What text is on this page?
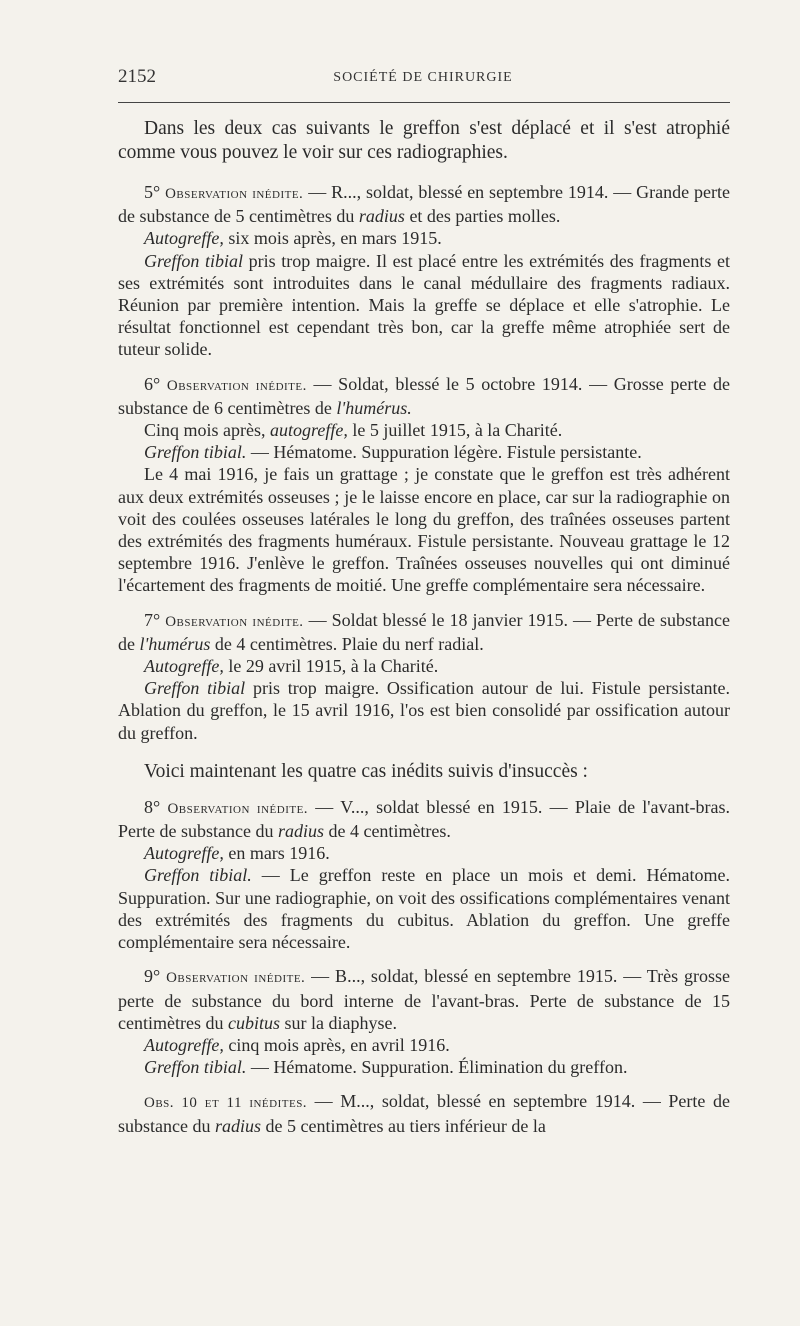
2152	SOCIÉTÉ DE CHIRURGIE

Dans les deux cas suivants le greffon s'est déplacé et il s'est atrophié comme vous pouvez le voir sur ces radiographies.

5° Observation inédite. — R..., soldat, blessé en septembre 1914. — Grande perte de substance de 5 centimètres du radius et des parties molles.

Autogreffe, six mois après, en mars 1915.

Greffon tibial pris trop maigre. Il est placé entre les extrémités des fragments et ses extrémités sont introduites dans le canal médullaire des fragments radiaux. Réunion par première intention. Mais la greffe se déplace et elle s'atrophie. Le résultat fonctionnel est cependant très bon, car la greffe même atrophiée sert de tuteur solide.

6° Observation inédite. — Soldat, blessé le 5 octobre 1914. — Grosse perte de substance de 6 centimètres de l'humérus.

Cinq mois après, autogreffe, le 5 juillet 1915, à la Charité.

Greffon tibial. — Hématome. Suppuration légère. Fistule persistante.

Le 4 mai 1916, je fais un grattage ; je constate que le greffon est très adhérent aux deux extrémités osseuses ; je le laisse encore en place, car sur la radiographie on voit des coulées osseuses latérales le long du greffon, des traînées osseuses partent des extrémités des fragments huméraux. Fistule persistante. Nouveau grattage le 12 septembre 1916. J'enlève le greffon. Traînées osseuses nouvelles qui ont diminué l'écartement des fragments de moitié. Une greffe complémentaire sera nécessaire.

7° Observation inédite. — Soldat blessé le 18 janvier 1915. — Perte de substance de l'humérus de 4 centimètres. Plaie du nerf radial.

Autogreffe, le 29 avril 1915, à la Charité.

Greffon tibial pris trop maigre. Ossification autour de lui. Fistule persistante. Ablation du greffon, le 15 avril 1916, l'os est bien consolidé par ossification autour du greffon.

Voici maintenant les quatre cas inédits suivis d'insuccès :

8° Observation inédite. — V..., soldat blessé en 1915. — Plaie de l'avant-bras. Perte de substance du radius de 4 centimètres.

Autogreffe, en mars 1916.

Greffon tibial. — Le greffon reste en place un mois et demi. Hématome. Suppuration. Sur une radiographie, on voit des ossifications complémentaires venant des extrémités des fragments du cubitus. Ablation du greffon. Une greffe complémentaire sera nécessaire.

9° Observation inédite. — B..., soldat, blessé en septembre 1915. — Très grosse perte de substance du bord interne de l'avant-bras. Perte de substance de 15 centimètres du cubitus sur la diaphyse.

Autogreffe, cinq mois après, en avril 1916.

Greffon tibial. — Hématome. Suppuration. Élimination du greffon.

Obs. 10 et 11 inédites. — M..., soldat, blessé en septembre 1914. — Perte de substance du radius de 5 centimètres au tiers inférieur de la
